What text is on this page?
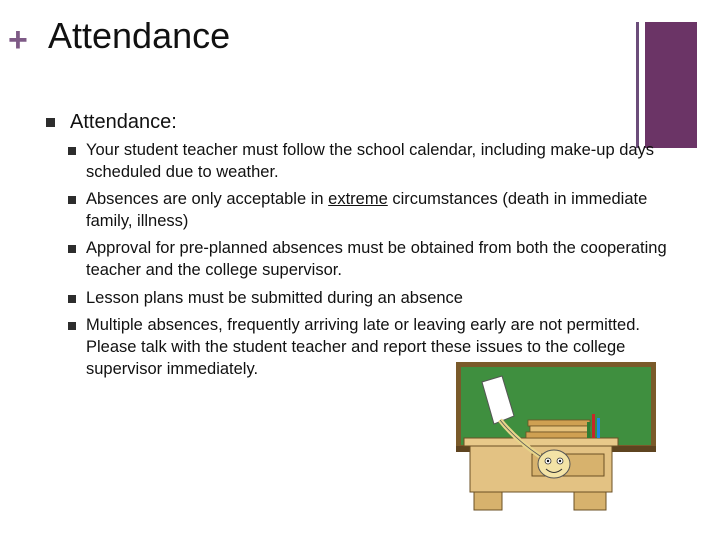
+ Attendance
Attendance:
Your student teacher must follow the school calendar, including make-up days scheduled due to weather.
Absences are only acceptable in extreme circumstances (death in immediate family, illness)
Approval for pre-planned absences must be obtained from both the cooperating teacher and the college supervisor.
Lesson plans must be submitted during an absence
Multiple absences, frequently arriving late or leaving early are not permitted. Please talk with the student teacher and report these issues to the college supervisor immediately.
